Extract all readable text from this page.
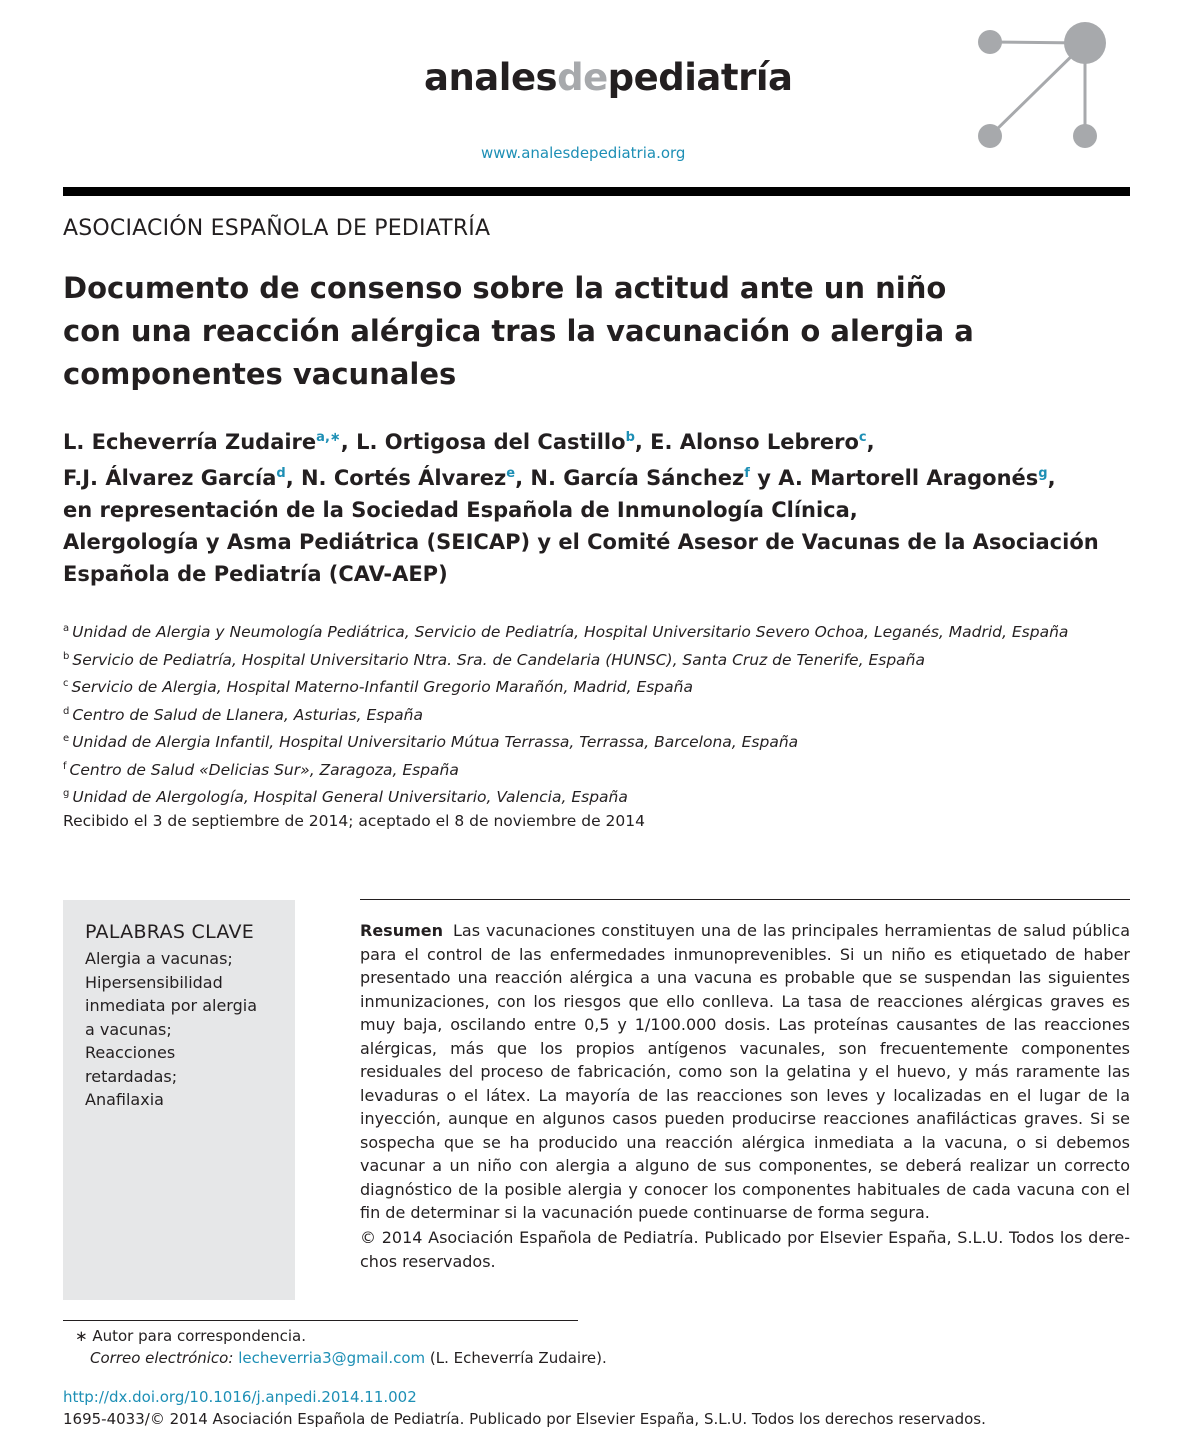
analesdepediatría
www.analesdepediatria.org
ASOCIACIÓN ESPAÑOLA DE PEDIATRÍA
Documento de consenso sobre la actitud ante un niño
con una reacción alérgica tras la vacunación o alergia a
componentes vacunales
L. Echeverría Zudaire$^{a,∗}$, L. Ortigosa del Castillo$^b$, E. Alonso Lebrero$^c$,
F.J. Álvarez García$^d$, N. Cortés Álvarez$^e$, N. García Sánchez$^f$ y A. Martorell Aragonés$^g$,
en representación de la Sociedad Española de Inmunología Clínica,
Alergología y Asma Pediátrica (SEICAP) y el Comité Asesor de Vacunas de la Asociación
Española de Pediatría (CAV-AEP)
$^a$ Unidad de Alergia y Neumología Pediátrica, Servicio de Pediatría, Hospital Universitario Severo Ochoa, Leganés, Madrid, España
$^b$ Servicio de Pediatría, Hospital Universitario Ntra. Sra. de Candelaria (HUNSC), Santa Cruz de Tenerife, España
$^c$ Servicio de Alergia, Hospital Materno-Infantil Gregorio Marañón, Madrid, España
$^d$ Centro de Salud de Llanera, Asturias, España
$^e$ Unidad de Alergia Infantil, Hospital Universitario Mútua Terrassa, Terrassa, Barcelona, España
$^f$ Centro de Salud «Delicias Sur», Zaragoza, España
$^g$ Unidad de Alergología, Hospital General Universitario, Valencia, España
Recibido el 3 de septiembre de 2014; aceptado el 8 de noviembre de 2014
PALABRAS CLAVE
Alergia a vacunas;
Hipersensibilidad
inmediata por alergia
a vacunas;
Reacciones
retardadas;
Anafilaxia
Resumen Las vacunaciones constituyen una de las principales herramientas de salud pública para el control de las enfermedades inmunoprevenibles. Si un niño es etiquetado de haber presentado una reacción alérgica a una vacuna es probable que se suspendan las siguientes inmunizaciones, con los riesgos que ello conlleva. La tasa de reacciones alérgicas graves es muy baja, oscilando entre 0,5 y 1/100.000 dosis. Las proteínas causantes de las reacciones alérgicas, más que los propios antígenos vacunales, son frecuentemente componentes residuales del proceso de fabricación, como son la gelatina y el huevo, y más raramente las levaduras o el látex. La mayoría de las reacciones son leves y localizadas en el lugar de la inyección, aunque en algunos casos pueden producirse reacciones anafilácticas graves. Si se sospecha que se ha producido una reacción alérgica inmediata a la vacuna, o si debemos vacunar a un niño con alergia a alguno de sus componentes, se deberá realizar un correcto diagnóstico de la posible alergia y conocer los componentes habituales de cada vacuna con el fin de determinar si la vacunación puede continuarse de forma segura.
© 2014 Asociación Española de Pediatría. Publicado por Elsevier España, S.L.U. Todos los dere-chos reservados.
∗ Autor para correspondencia.
Correo electrónico: lecheverria3@gmail.com (L. Echeverría Zudaire).
http://dx.doi.org/10.1016/j.anpedi.2014.11.002
1695-4033/© 2014 Asociación Española de Pediatría. Publicado por Elsevier España, S.L.U. Todos los derechos reservados.
